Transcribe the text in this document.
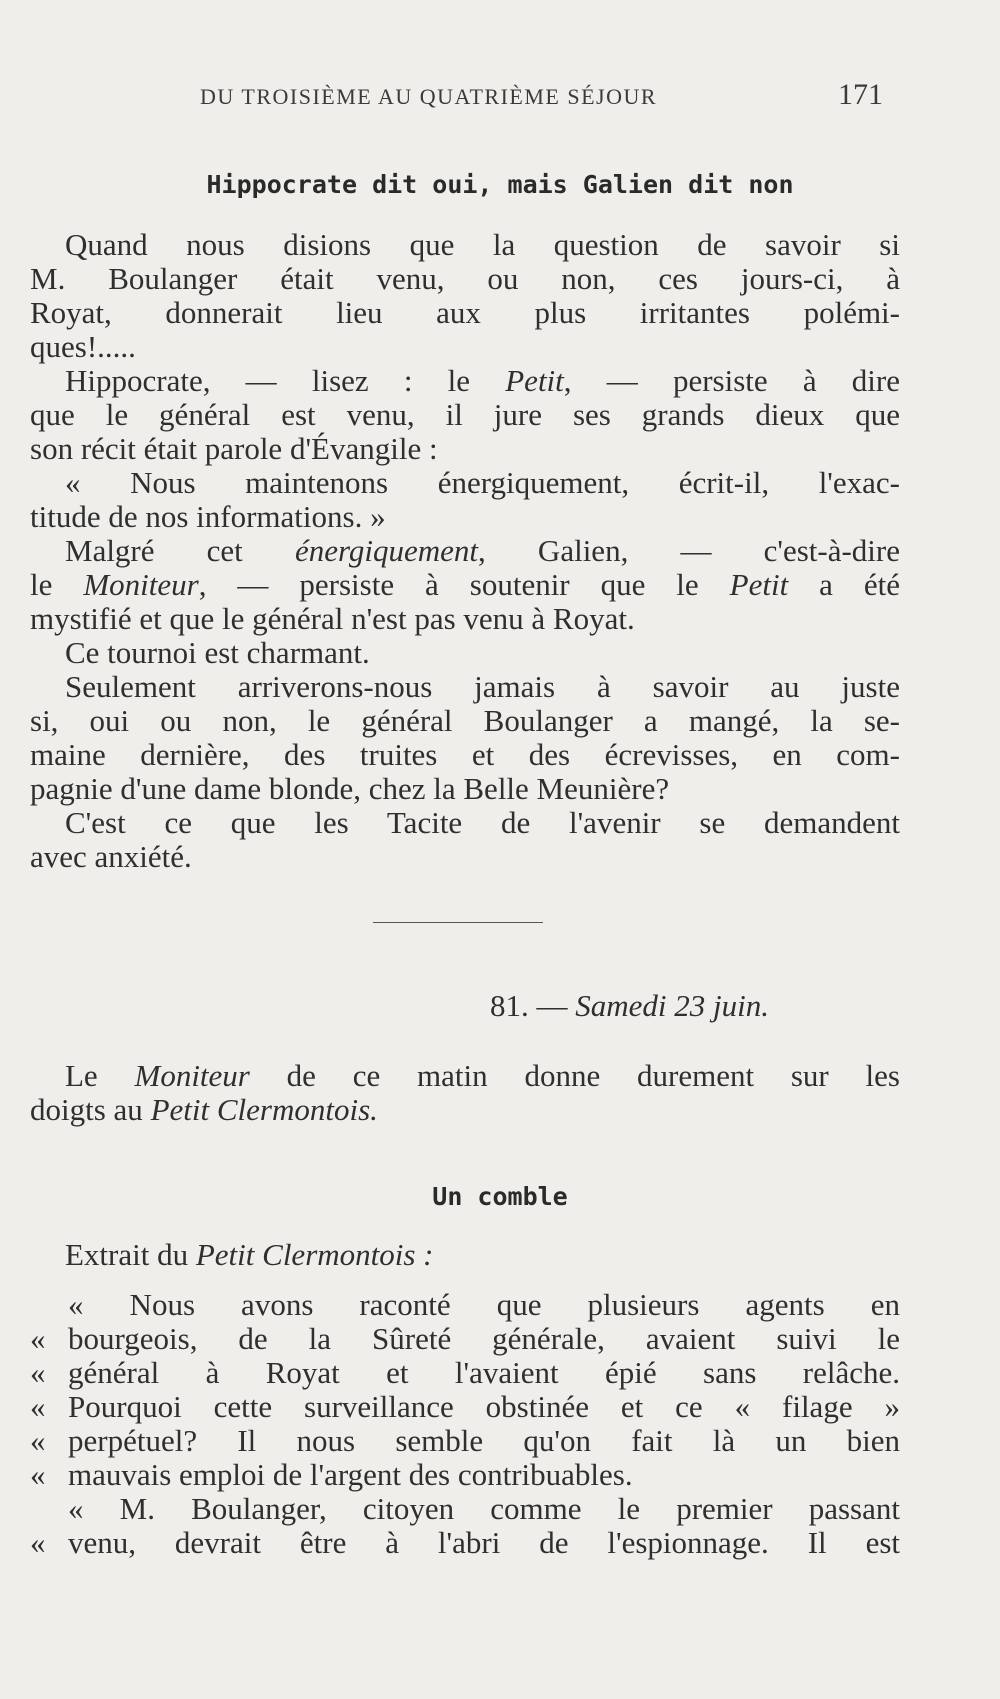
DU TROISIÈME AU QUATRIÈME SÉJOUR	171
Hippocrate dit oui, mais Galien dit non
Quand nous disions que la question de savoir si
M. Boulanger était venu, ou non, ces jours-ci, à
Royat, donnerait lieu aux plus irritantes polémi-
ques!.....
Hippocrate, — lisez : le Petit, — persiste à dire
que le général est venu, il jure ses grands dieux que
son récit était parole d'Évangile :
« Nous maintenons énergiquement, écrit-il, l'exac-
titude de nos informations. »
Malgré cet énergiquement, Galien, — c'est-à-dire
le Moniteur, — persiste à soutenir que le Petit a été
mystifié et que le général n'est pas venu à Royat.
Ce tournoi est charmant.
Seulement arriverons-nous jamais à savoir au juste
si, oui ou non, le général Boulanger a mangé, la se-
maine dernière, des truites et des écrevisses, en com-
pagnie d'une dame blonde, chez la Belle Meunière?
C'est ce que les Tacite de l'avenir se demandent
avec anxiété.
81. — Samedi 23 juin.
Le Moniteur de ce matin donne durement sur les
doigts au Petit Clermontois.
Un comble
Extrait du Petit Clermontois :
« Nous avons raconté que plusieurs agents en
« bourgeois, de la Sûreté générale, avaient suivi le
« général à Royat et l'avaient épié sans relâche.
« Pourquoi cette surveillance obstinée et ce « filage »
« perpétuel? Il nous semble qu'on fait là un bien
« mauvais emploi de l'argent des contribuables.
« M. Boulanger, citoyen comme le premier passant
« venu, devrait être à l'abri de l'espionnage. Il est
